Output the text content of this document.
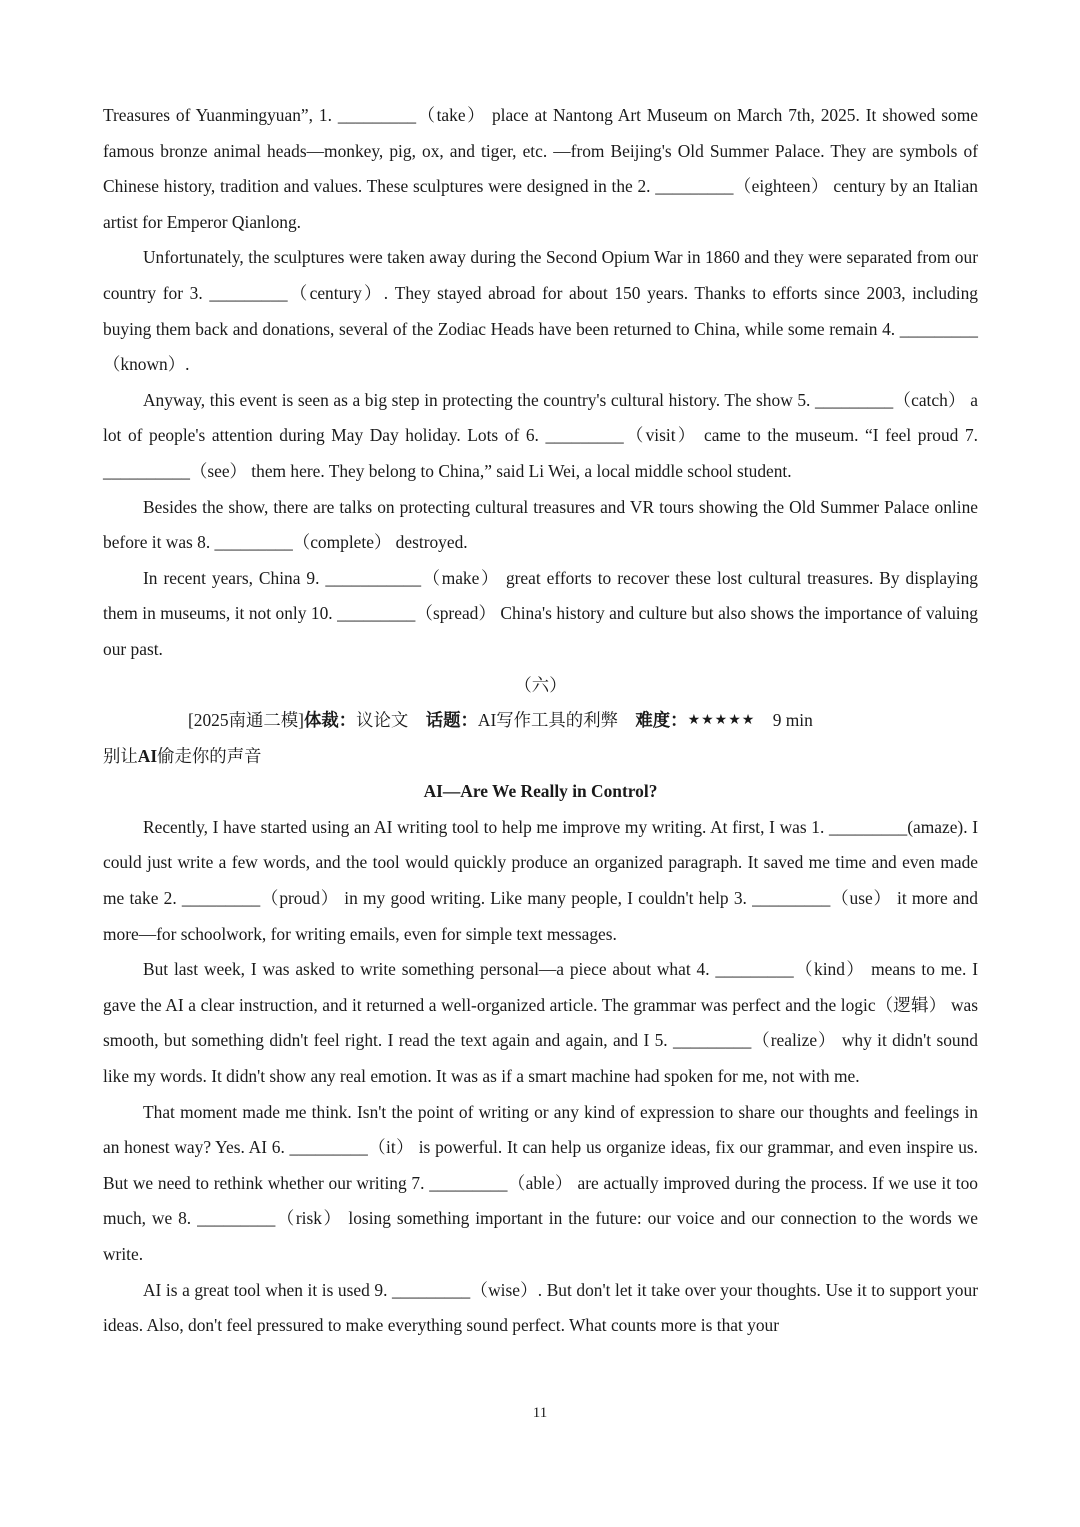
Treasures of Yuanmingyuan”, 1. _________（take） place at Nantong Art Museum on March 7th, 2025. It showed some famous bronze animal heads—monkey, pig, ox, and tiger, etc. —from Beijing's Old Summer Palace. They are symbols of Chinese history, tradition and values. These sculptures were designed in the 2. _________（eighteen） century by an Italian artist for Emperor Qianlong.

Unfortunately, the sculptures were taken away during the Second Opium War in 1860 and they were separated from our country for 3. _________（century）. They stayed abroad for about 150 years. Thanks to efforts since 2003, including buying them back and donations, several of the Zodiac Heads have been returned to China, while some remain 4. _________（known）.

Anyway, this event is seen as a big step in protecting the country's cultural history. The show 5. _________（catch） a lot of people's attention during May Day holiday. Lots of 6. _________（visit） came to the museum. “I feel proud 7. __________（see） them here. They belong to China,” said Li Wei, a local middle school student.

Besides the show, there are talks on protecting cultural treasures and VR tours showing the Old Summer Palace online before it was 8. _________（complete） destroyed.

In recent years, China 9. ___________（make） great efforts to recover these lost cultural treasures. By displaying them in museums, it not only 10. _________（spread） China's history and culture but also shows the importance of valuing our past.

（六）

[2025南通二模]体裁：议论文 话题：AI写作工具的利弊 难度：★★★★★ 9 min

别让AI偷走你的声音

AI—Are We Really in Control?

Recently, I have started using an AI writing tool to help me improve my writing. At first, I was 1. _________(amaze). I could just write a few words, and the tool would quickly produce an organized paragraph. It saved me time and even made me take 2. _________（proud） in my good writing. Like many people, I couldn't help 3. _________（use） it more and more—for schoolwork, for writing emails, even for simple text messages.

But last week, I was asked to write something personal—a piece about what 4. _________（kind） means to me. I gave the AI a clear instruction, and it returned a well-organized article. The grammar was perfect and the logic（逻辑） was smooth, but something didn't feel right. I read the text again and again, and I 5. _________（realize） why it didn't sound like my words. It didn't show any real emotion. It was as if a smart machine had spoken for me, not with me.

That moment made me think. Isn't the point of writing or any kind of expression to share our thoughts and feelings in an honest way? Yes. AI 6. _________（it） is powerful. It can help us organize ideas, fix our grammar, and even inspire us. But we need to rethink whether our writing 7. _________（able） are actually improved during the process. If we use it too much, we 8. _________（risk） losing something important in the future: our voice and our connection to the words we write.

AI is a great tool when it is used 9. _________（wise）. But don't let it take over your thoughts. Use it to support your ideas. Also, don't feel pressured to make everything sound perfect. What counts more is that your

11
